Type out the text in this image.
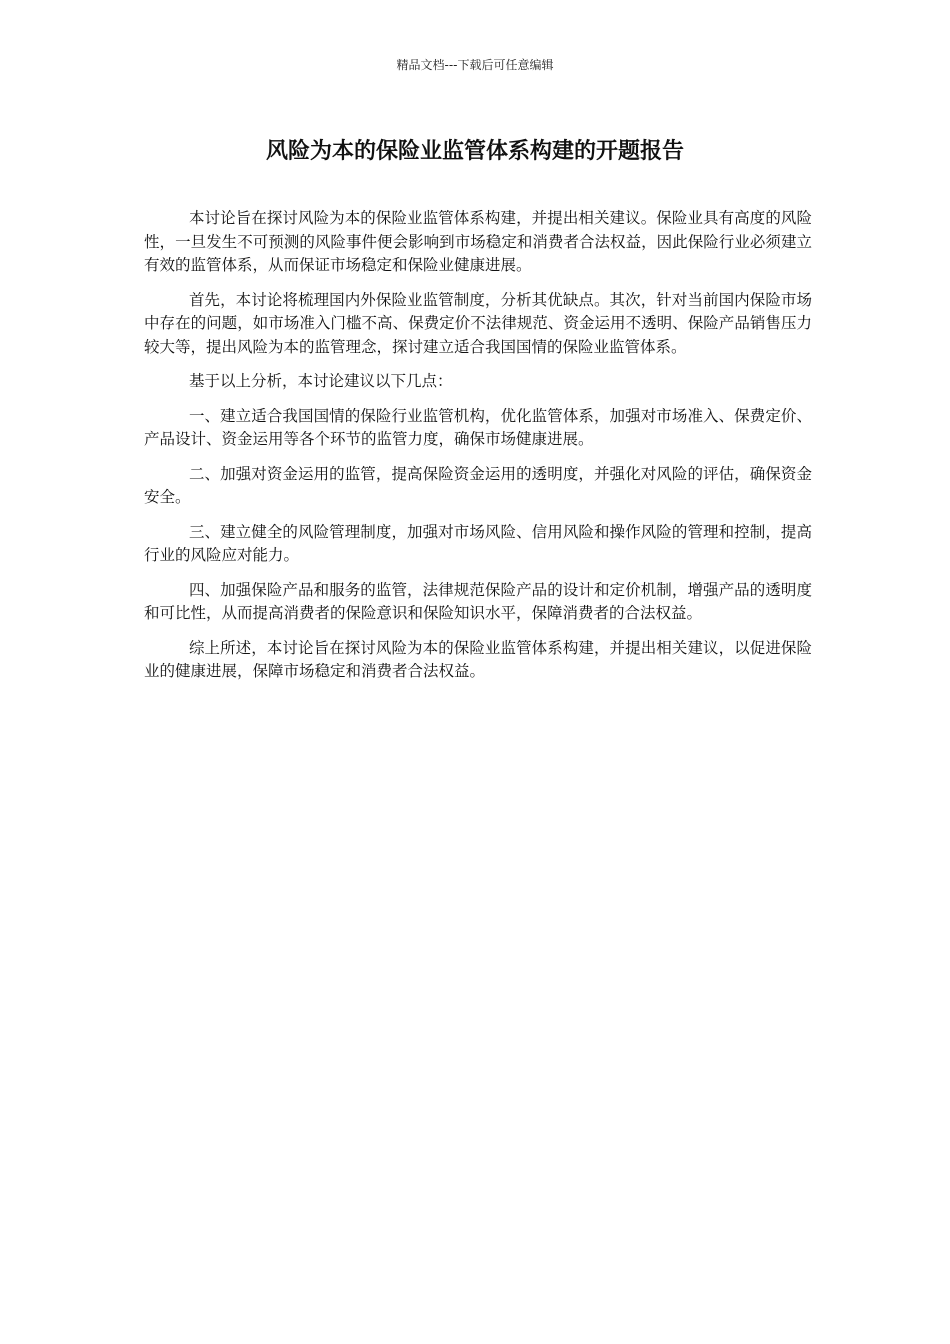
精品文档---下载后可任意编辑
风险为本的保险业监管体系构建的开题报告

本讨论旨在探讨风险为本的保险业监管体系构建，并提出相关建议。保险业具有高度的风险性，一旦发生不可预测的风险事件便会影响到市场稳定和消费者合法权益，因此保险行业必须建立有效的监管体系，从而保证市场稳定和保险业健康进展。

首先，本讨论将梳理国内外保险业监管制度，分析其优缺点。其次，针对当前国内保险市场中存在的问题，如市场准入门槛不高、保费定价不法律规范、资金运用不透明、保险产品销售压力较大等，提出风险为本的监管理念，探讨建立适合我国国情的保险业监管体系。

基于以上分析，本讨论建议以下几点：

一、建立适合我国国情的保险行业监管机构，优化监管体系，加强对市场准入、保费定价、产品设计、资金运用等各个环节的监管力度，确保市场健康进展。

二、加强对资金运用的监管，提高保险资金运用的透明度，并强化对风险的评估，确保资金安全。

三、建立健全的风险管理制度，加强对市场风险、信用风险和操作风险的管理和控制，提高行业的风险应对能力。

四、加强保险产品和服务的监管，法律规范保险产品的设计和定价机制，增强产品的透明度和可比性，从而提高消费者的保险意识和保险知识水平，保障消费者的合法权益。

综上所述，本讨论旨在探讨风险为本的保险业监管体系构建，并提出相关建议，以促进保险业的健康进展，保障市场稳定和消费者合法权益。
